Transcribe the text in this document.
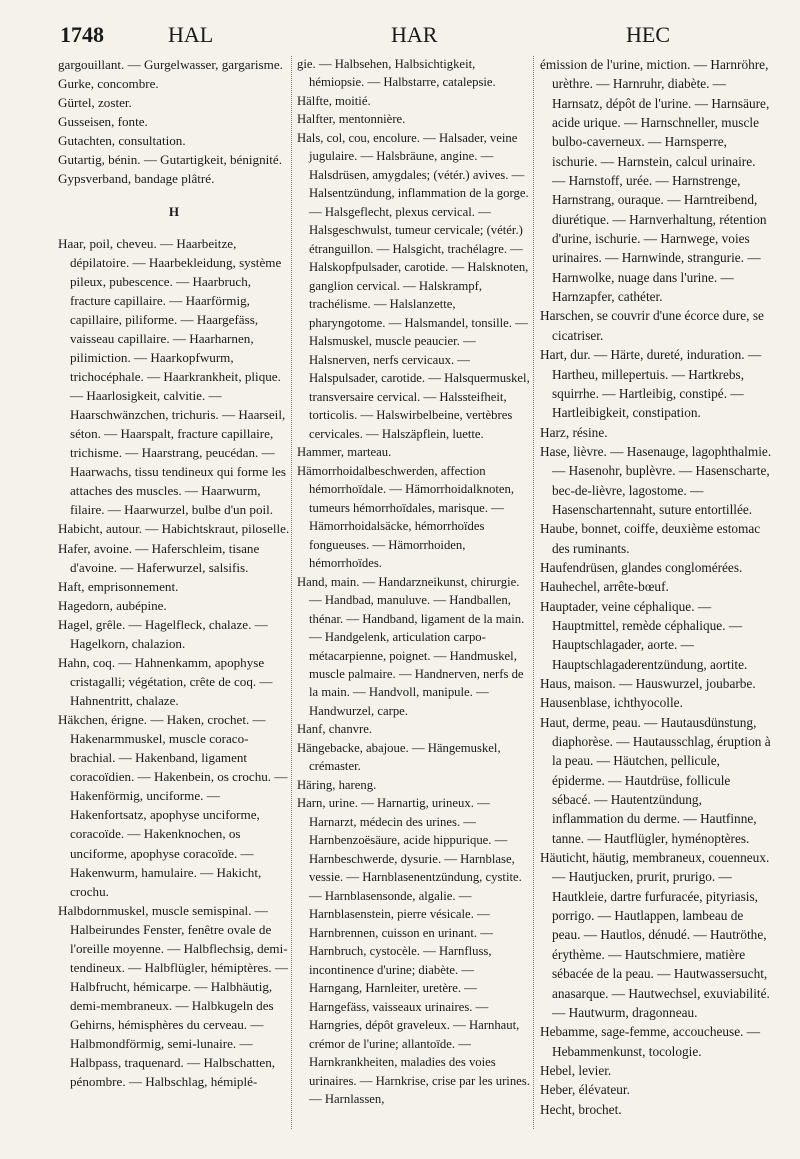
1748	HAL	HAR	HEC

gargouillant. — Gurgelwasser, gargarisme.

Gurke, concombre.

Gürtel, zoster.

Gusseisen, fonte.

Gutachten, consultation.

Gutartig, bénin. — Gutartigkeit, bénignité.

Gypsverband, bandage plâtré.

H

Haar, poil, cheveu. — Haarbeitze, dépilatoire. — Haarbekleidung, système pileux, pubescence. — Haarbruch, fracture capillaire. — Haarförmig, capillaire, piliforme. — Haargefäss, vaisseau capillaire. — Haarharnen, pilimiction. — Haarkopfwurm, trichocéphale. — Haarkrankheit, plique. — Haarlosigkeit, calvitie. — Haarschwänzchen, trichuris. — Haarseil, séton. — Haarspalt, fracture capillaire, trichisme. — Haarstrang, peucédan. — Haarwachs, tissu tendineux qui forme les attaches des muscles. — Haarwurm, filaire. — Haarwurzel, bulbe d'un poil.

Habicht, autour. — Habichtskraut, piloselle.

Hafer, avoine. — Haferschleim, tisane d'avoine. — Haferwurzel, salsifis.

Haft, emprisonnement.

Hagedorn, aubépine.

Hagel, grêle. — Hagelfleck, chalaze. — Hagelkorn, chalazion.

Hahn, coq. — Hahnenkamm, apophyse cristagalli; végétation, crête de coq. — Hahnentritt, chalaze.

Häkchen, érigne. — Haken, crochet. — Hakenarmmuskel, muscle coraco-brachial. — Hakenband, ligament coracoïdien. — Hakenbein, os crochu. — Hakenförmig, unciforme. — Hakenfortsatz, apophyse unciforme, coracoïde. — Hakenknochen, os unciforme, apophyse coracoïde. — Hakenwurm, hamulaire. — Hakicht, crochu.

Halbdornmuskel, muscle semispinal. — Halbeirundes Fenster, fenêtre ovale de l'oreille moyenne. — Halbflechsig, demi-tendineux. — Halbflügler, hémiptères. — Halbfrucht, hémicarpe. — Halbhäutig, demi-membraneux. — Halbkugeln des Gehirns, hémisphères du cerveau. — Halbmondförmig, semi-lunaire. — Halbpass, traquenard. — Halbschatten, pénombre. — Halbschlag, hémiplé-

gie. — Halbsehen, Halbsichtigkeit, hémiopsie. — Halbstarre, catalepsie.

Hälfte, moitié.

Halfter, mentonnière.

Hals, col, cou, encolure. — Halsader, veine jugulaire. — Halsbräune, angine. — Halsdrüsen, amygdales; (vétér.) avives. — Halsentzündung, inflammation de la gorge. — Halsgeflecht, plexus cervical. — Halsgeschwulst, tumeur cervicale; (vétér.) étranguillon. — Halsgicht, trachélagre. — Halskopfpulsader, carotide. — Halsknoten, ganglion cervical. — Halskrampf, trachélisme. — Halslanzette, pharyngotome. — Halsmandel, tonsille. — Halsmuskel, muscle peaucier. — Halsnerven, nerfs cervicaux. — Halspulsader, carotide. — Halsquermuskel, transversaire cervical. — Halssteifheit, torticolis. — Halswirbelbeine, vertèbres cervicales. — Halszäpflein, luette.

Hammer, marteau.

Hämorrhoidalbeschwerden, affection hémorrhoïdale. — Hämorrhoidalknoten, tumeurs hémorrhoïdales, marisque. — Hämorrhoidalsäcke, hémorrhoïdes fongueuses. — Hämorrhoiden, hémorrhoïdes.

Hand, main. — Handarzneikunst, chirurgie. — Handbad, manuluve. — Handballen, thénar. — Handband, ligament de la main. — Handgelenk, articulation carpo-métacarpienne, poignet. — Handmuskel, muscle palmaire. — Handnerven, nerfs de la main. — Handvoll, manipule. — Handwurzel, carpe.

Hanf, chanvre.

Hängebacke, abajoue. — Hängemuskel, crémaster.

Häring, hareng.

Harn, urine. — Harnartig, urineux. — Harnarzt, médecin des urines. — Harnbenzoësäure, acide hippurique. — Harnbeschwerde, dysurie. — Harnblase, vessie. — Harnblasenentzündung, cystite. — Harnblasensonde, algalie. — Harnblasenstein, pierre vésicale. — Harnbrennen, cuisson en urinant. — Harnbruch, cystocèle. — Harnfluss, incontinence d'urine; diabète. — Harngang, Harnleiter, uretère. — Harngefäss, vaisseaux urinaires. — Harngries, dépôt graveleux. — Harnhaut, crémor de l'urine; allantoïde. — Harnkrankheiten, maladies des voies urinaires. — Harnkrise, crise par les urines. — Harnlassen,

émission de l'urine, miction. — Harnröhre, urèthre. — Harnruhr, diabète. — Harnsatz, dépôt de l'urine. — Harnsäure, acide urique. — Harnschneller, muscle bulbo-caverneux. — Harnsperre, ischurie. — Harnstein, calcul urinaire. — Harnstoff, urée. — Harnstrenge, Harnstrang, ouraque. — Harntreibend, diurétique. — Harnverhaltung, rétention d'urine, ischurie. — Harnwege, voies urinaires. — Harnwinde, strangurie. — Harnwolke, nuage dans l'urine. — Harnzapfer, cathéter.

Harschen, se couvrir d'une écorce dure, se cicatriser.

Hart, dur. — Härte, dureté, induration. — Hartheu, millepertuis. — Hartkrebs, squirrhe. — Hartleibig, constipé. — Hartleibigkeit, constipation.

Harz, résine.

Hase, lièvre. — Hasenauge, lagophthalmie. — Hasenohr, buplèvre. — Hasenscharte, bec-de-lièvre, lagostome. — Hasenschartennaht, suture entortillée.

Haube, bonnet, coiffe, deuxième estomac des ruminants.

Haufendrüsen, glandes conglomérées.

Hauhechel, arrête-bœuf.

Hauptader, veine céphalique. — Hauptmittel, remède céphalique. — Hauptschlagader, aorte. — Hauptschlagaderentzündung, aortite.

Haus, maison. — Hauswurzel, joubarbe.

Hausenblase, ichthyocolle.

Haut, derme, peau. — Hautausdünstung, diaphorèse. — Hautausschlag, éruption à la peau. — Häutchen, pellicule, épiderme. — Hautdrüse, follicule sébacé. — Hautentzündung, inflammation du derme. — Hautfinne, tanne. — Hautflügler, hyménoptères.

Häuticht, häutig, membraneux, couenneux. — Hautjucken, prurit, prurigo. — Hautkleie, dartre furfuracée, pityriasis, porrigo. — Hautlappen, lambeau de peau. — Hautlos, dénudé. — Hautröthe, érythème. — Hautschmiere, matière sébacée de la peau. — Hautwassersucht, anasarque. — Hautwechsel, exuviabilité. — Hautwurm, dragonneau.

Hebamme, sage-femme, accoucheuse. — Hebammenkunst, tocologie.

Hebel, levier.

Heber, élévateur.

Hecht, brochet.
